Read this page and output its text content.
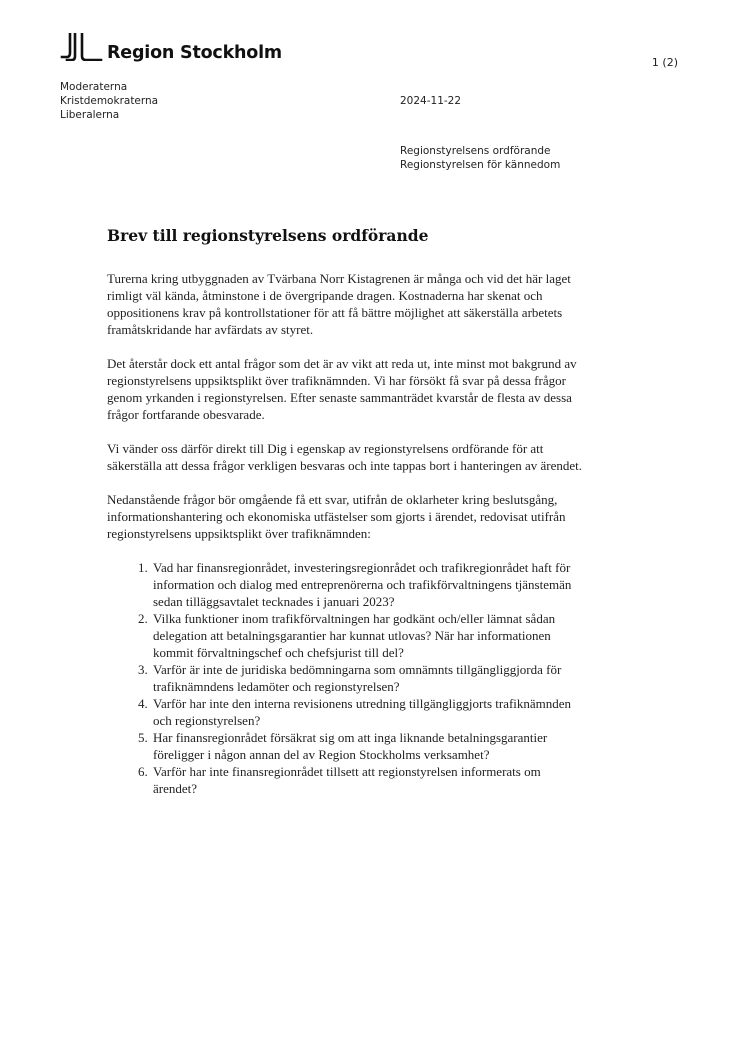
Region Stockholm	1 (2)
Moderaterna
Kristdemokraterna
Liberalerna
2024-11-22
Regionstyrelsens ordförande
Regionstyrelsen för kännedom
Brev till regionstyrelsens ordförande

Turerna kring utbyggnaden av Tvärbana Norr Kistagrenen är många och vid det här laget rimligt väl kända, åtminstone i de övergripande dragen. Kostnaderna har skenat och oppositionens krav på kontrollstationer för att få bättre möjlighet att säkerställa arbetets framåtskridande har avfärdats av styret.

Det återstår dock ett antal frågor som det är av vikt att reda ut, inte minst mot bakgrund av regionstyrelsens uppsiktsplikt över trafiknämnden. Vi har försökt få svar på dessa frågor genom yrkanden i regionstyrelsen. Efter senaste sammanträdet kvarstår de flesta av dessa frågor fortfarande obesvarade.

Vi vänder oss därför direkt till Dig i egenskap av regionstyrelsens ordförande för att säkerställa att dessa frågor verkligen besvaras och inte tappas bort i hanteringen av ärendet.

Nedanstående frågor bör omgående få ett svar, utifrån de oklarheter kring beslutsgång, informationshantering och ekonomiska utfästelser som gjorts i ärendet, redovisat utifrån regionstyrelsens uppsiktsplikt över trafiknämnden:

1. Vad har finansregionrådet, investeringsregionrådet och trafikregionrådet haft för information och dialog med entreprenörerna och trafikförvaltningens tjänstemän sedan tilläggsavtalet tecknades i januari 2023?
2. Vilka funktioner inom trafikförvaltningen har godkänt och/eller lämnat sådan delegation att betalningsgarantier har kunnat utlovas? När har informationen kommit förvaltningschef och chefsjurist till del?
3. Varför är inte de juridiska bedömningarna som omnämnts tillgängliggjorda för trafiknämndens ledamöter och regionstyrelsen?
4. Varför har inte den interna revisionens utredning tillgängliggjorts trafiknämnden och regionstyrelsen?
5. Har finansregionrådet försäkrat sig om att inga liknande betalningsgarantier föreligger i någon annan del av Region Stockholms verksamhet?
6. Varför har inte finansregionrådet tillsett att regionstyrelsen informerats om ärendet?
